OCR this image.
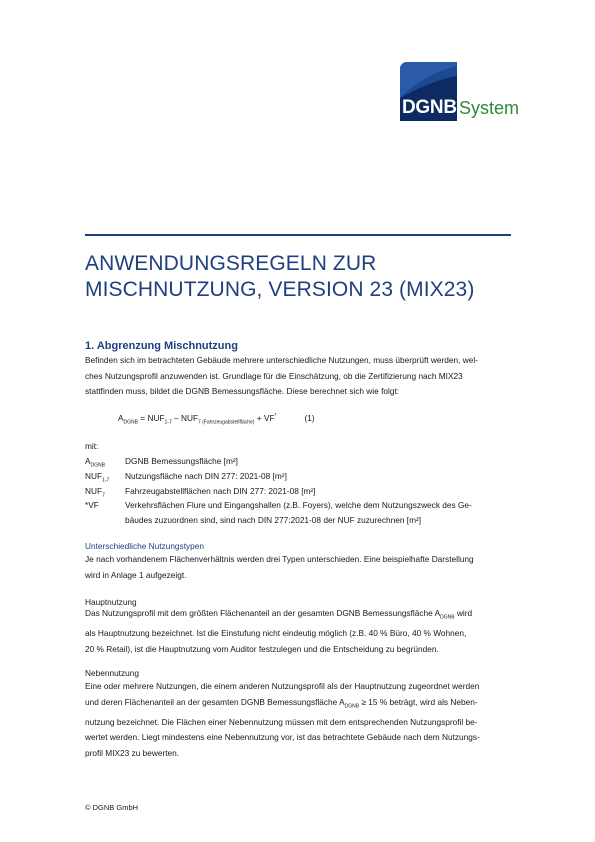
DGNB System
ANWENDUNGSREGELN ZUR
MISCHNUTZUNG, VERSION 23 (MIX23)
1. Abgrenzung Mischnutzung
Befinden sich im betrachteten Gebäude mehrere unterschiedliche Nutzungen, muss überprüft werden, wel-
ches Nutzungsprofil anzuwenden ist. Grundlage für die Einschätzung, ob die Zertifizierung nach MIX23
stattfinden muss, bildet die DGNB Bemessungsfläche. Diese berechnet sich wie folgt:
$A_{DGNB} = NUF_{1-7} - NUF_{7 (Fahrzeugabstellfläche)} + VF^*$	(1)
mit:
$A_{DGNB}$	DGNB Bemessungsfläche [m²]
$NUF_{1-7}$	Nutzungsfläche nach DIN 277: 2021-08 [m²]
$NUF_7$	Fahrzeugabstellflächen nach DIN 277: 2021-08 [m²]
*VF	Verkehrsflächen Flure und Eingangshallen (z.B. Foyers), welche dem Nutzungszweck des Ge-
bäudes zuzuordnen sind, sind nach DIN 277:2021-08 der NUF zuzurechnen [m²]
Unterschiedliche Nutzungstypen
Je nach vorhandenem Flächenverhältnis werden drei Typen unterschieden. Eine beispielhafte Darstellung
wird in Anlage 1 aufgezeigt.
Hauptnutzung
Das Nutzungsprofil mit dem größten Flächenanteil an der gesamten DGNB Bemessungsfläche $A_{DGNB}$ wird
als Hauptnutzung bezeichnet. Ist die Einstufung nicht eindeutig möglich (z.B. 40 % Büro, 40 % Wohnen,
20 % Retail), ist die Hauptnutzung vom Auditor festzulegen und die Entscheidung zu begründen.
Nebennutzung
Eine oder mehrere Nutzungen, die einem anderen Nutzungsprofil als der Hauptnutzung zugeordnet werden
und deren Flächenanteil an der gesamten DGNB Bemessungsfläche $A_{DGNB} \ge 15$ % beträgt, wird als Neben-
nutzung bezeichnet. Die Flächen einer Nebennutzung müssen mit dem entsprechenden Nutzungsprofil be-
wertet werden. Liegt mindestens eine Nebennutzung vor, ist das betrachtete Gebäude nach dem Nutzungs-
profil MIX23 zu bewerten.
© DGNB GmbH
